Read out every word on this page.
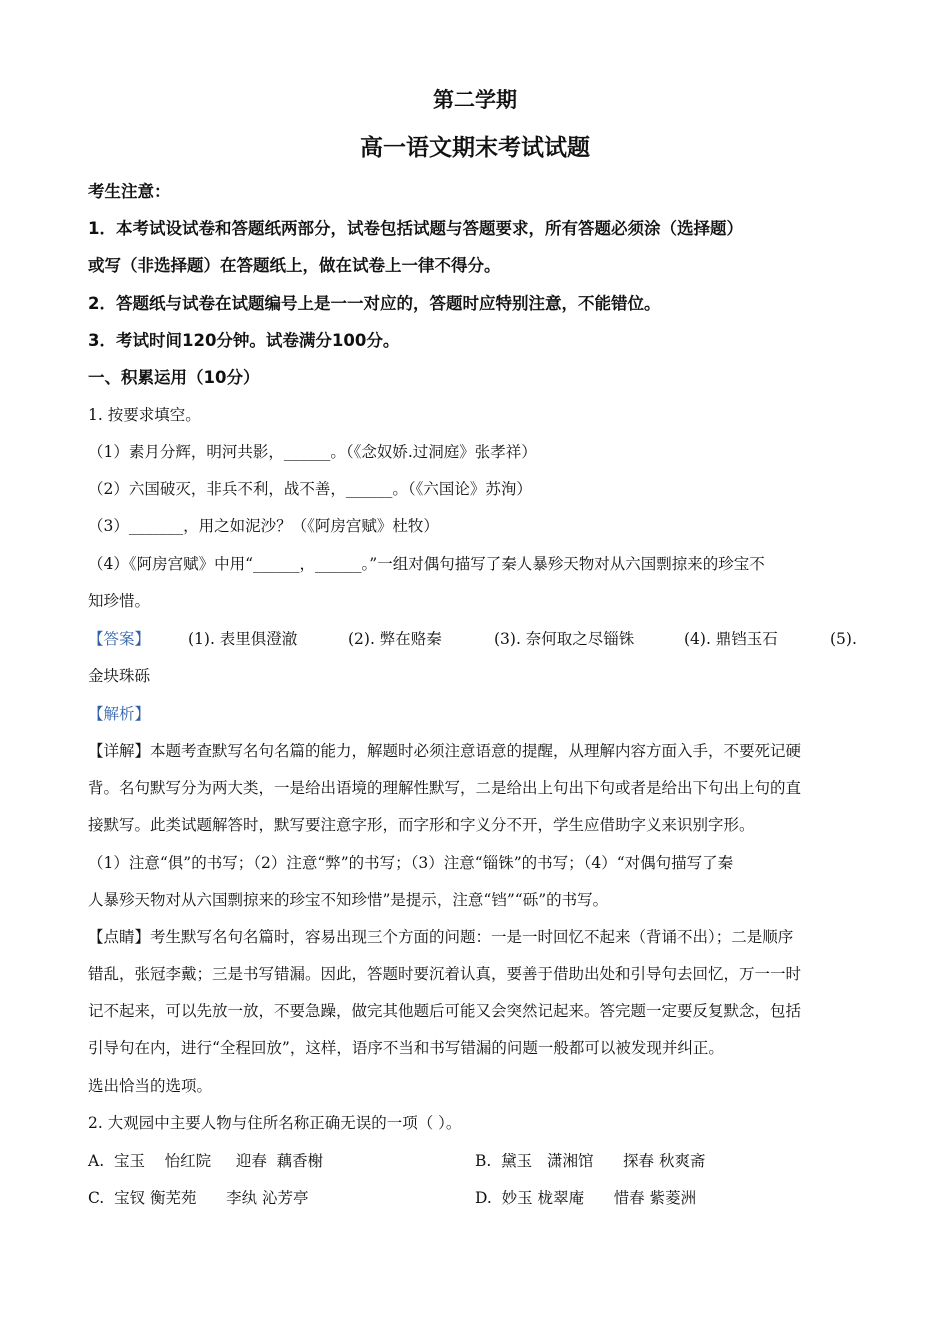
第二学期
高一语文期末考试试题
考生注意：
1．本考试设试卷和答题纸两部分，试卷包括试题与答题要求，所有答题必须涂（选择题）
或写（非选择题）在答题纸上，做在试卷上一律不得分。
2．答题纸与试卷在试题编号上是一一对应的，答题时应特别注意，不能错位。
3．考试时间120分钟。试卷满分100分。
一、积累运用（10分）
1. 按要求填空。
（1）素月分辉，明河共影，______。（《念奴娇.过洞庭》张孝祥）
（2）六国破灭，非兵不利，战不善，______。（《六国论》苏洵）
（3）_______，用之如泥沙？（《阿房宫赋》杜牧）
（4）《阿房宫赋》中用“______，______。”一组对偶句描写了秦人暴殄天物对从六国剽掠来的珍宝不
知珍惜。
【答案】 (1). 表里俱澄澈	(2). 弊在赂秦	(3). 奈何取之尽锱铢	(4). 鼎铛玉石	(5).
金块珠砾
【解析】
【详解】本题考查默写名句名篇的能力，解题时必须注意语意的提醒，从理解内容方面入手，不要死记硬
背。名句默写分为两大类，一是给出语境的理解性默写，二是给出上句出下句或者是给出下句出上句的直
接默写。此类试题解答时，默写要注意字形，而字形和字义分不开，学生应借助字义来识别字形。
（1）注意“俱”的书写；（2）注意“弊”的书写；（3）注意“锱铢”的书写；（4）“对偶句描写了秦
人暴殄天物对从六国剽掠来的珍宝不知珍惜”是提示，注意“铛”“砾”的书写。
【点睛】考生默写名句名篇时，容易出现三个方面的问题：一是一时回忆不起来（背诵不出）；二是顺序
错乱，张冠李戴；三是书写错漏。因此，答题时要沉着认真，要善于借助出处和引导句去回忆，万一一时
记不起来，可以先放一放，不要急躁，做完其他题后可能又会突然记起来。答完题一定要反复默念，包括
引导句在内，进行“全程回放”，这样，语序不当和书写错漏的问题一般都可以被发现并纠正。
选出恰当的选项。
2. 大观园中主要人物与住所名称正确无误的一项（ ）。
A.  宝玉    怡红院     迎春  藕香榭	B.  黛玉   潇湘馆      探春 秋爽斋
C.  宝钗 衡芜苑      李纨 沁芳亭	D.  妙玉 栊翠庵      惜春 紫菱洲
